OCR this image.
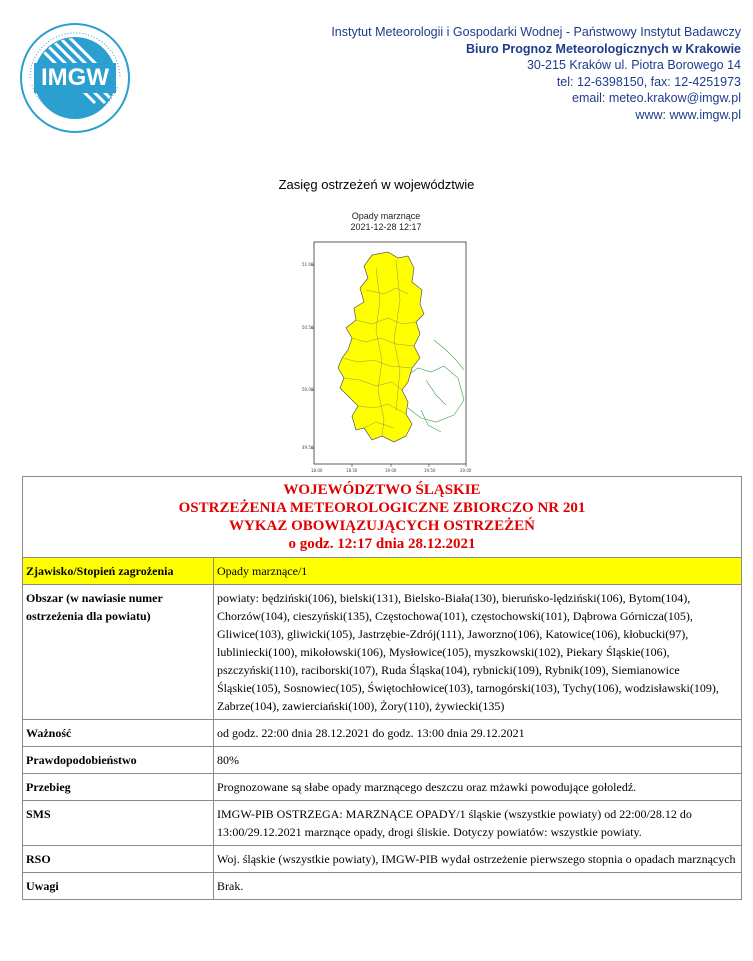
IMGW
Instytut Meteorologii i Gospodarki Wodnej - Państwowy Instytut Badawczy
Biuro Prognoz Meteorologicznych w Krakowie
30-215 Kraków ul. Piotra Borowego 14
tel: 12-6398150, fax: 12-4251973
email: meteo.krakow@imgw.pl
www: www.imgw.pl
Zasięg ostrzeżeń w województwie
Opady marznące
2021-12-28 12:17
51.00
50.50
50.00
49.50
18.00	18.50	19.00	19.50	20.00
WOJEWÓDZTWO ŚLĄSKIE
OSTRZEŻENIA METEOROLOGICZNE ZBIORCZO NR 201
WYKAZ OBOWIĄZUJĄCYCH OSTRZEŻEŃ
o godz. 12:17 dnia 28.12.2021	

Zjawisko/Stopień zagrożenia	Opady marznące/1
Obszar (w nawiasie numer ostrzeżenia dla powiatu)	powiaty: będziński(106), bielski(131), Bielsko-Biała(130), bieruńsko-lędziński(106), Bytom(104), Chorzów(104), cieszyński(135), Częstochowa(101), częstochowski(101), Dąbrowa Górnicza(105), Gliwice(103), gliwicki(105), Jastrzębie-Zdrój(111), Jaworzno(106), Katowice(106), kłobucki(97), lubliniecki(100), mikołowski(106), Mysłowice(105), myszkowski(102), Piekary Śląskie(106), pszczyński(110), raciborski(107), Ruda Śląska(104), rybnicki(109), Rybnik(109), Siemianowice Śląskie(105), Sosnowiec(105), Świętochłowice(103), tarnogórski(103), Tychy(106), wodzisławski(109), Zabrze(104), zawierciański(100), Żory(110), żywiecki(135)
Ważność	od godz. 22:00 dnia 28.12.2021 do godz. 13:00 dnia 29.12.2021
Prawdopodobieństwo	80%
Przebieg	Prognozowane są słabe opady marznącego deszczu oraz mżawki powodujące gołoledź.
SMS	IMGW-PIB OSTRZEGA: MARZNĄCE OPADY/1 śląskie (wszystkie powiaty) od 22:00/28.12 do 13:00/29.12.2021 marznące opady, drogi śliskie. Dotyczy powiatów: wszystkie powiaty.
RSO	Woj. śląskie (wszystkie powiaty), IMGW-PIB wydał ostrzeżenie pierwszego stopnia o opadach marznących
Uwagi	Brak.
